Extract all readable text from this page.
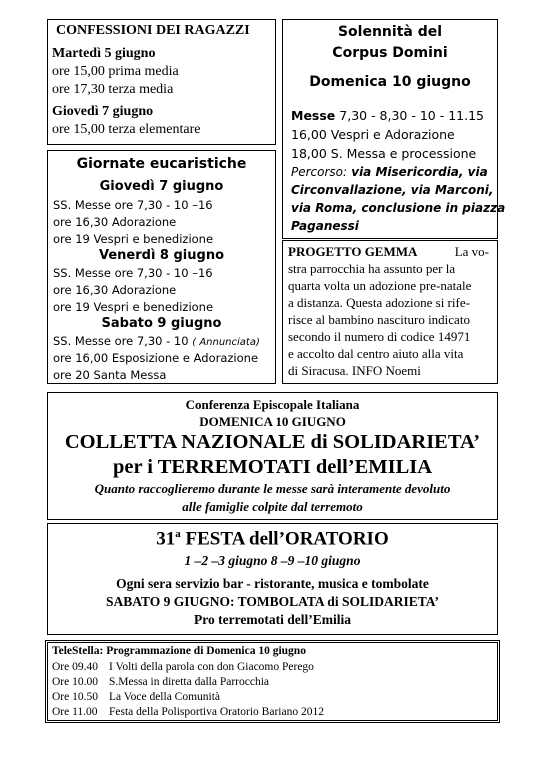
CONFESSIONI DEI RAGAZZI
Martedì 5 giugno
ore 15,00 prima media
ore 17,30 terza media
Giovedì 7 giugno
ore 15,00 terza elementare
Solennità del
Corpus Domini
Domenica 10 giugno
Messe 7,30 - 8,30 - 10 - 11.15
16,00 Vespri e Adorazione
18,00 S. Messa e processione
Percorso: via Misericordia, via
Circonvallazione, via Marconi,
via Roma, conclusione in piazza
Paganessi
Giornate eucaristiche
Giovedì 7 giugno
SS. Messe ore 7,30 - 10 –16
ore 16,30 Adorazione
ore 19 Vespri e benedizione
Venerdì 8 giugno
SS. Messe ore 7,30 - 10 –16
ore 16,30 Adorazione
ore 19 Vespri e benedizione
Sabato 9 giugno
SS. Messe ore 7,30 - 10 ( Annunciata)
ore 16,00 Esposizione e Adorazione
ore 20 Santa Messa
PROGETTO GEMMA	La vo-
stra parrocchia ha assunto per la
quarta volta un adozione pre-natale
a distanza. Questa adozione si rife-
risce al bambino nascituro indicato
secondo il numero di codice 14971
e accolto dal centro aiuto alla vita
di Siracusa. INFO Noemi
Conferenza Episcopale Italiana
DOMENICA 10 GIUGNO
COLLETTA NAZIONALE di SOLIDARIETA’
per i TERREMOTATI dell’EMILIA
Quanto raccoglieremo durante le messe sarà interamente devoluto
alle famiglie colpite dal terremoto
31$^a$ FESTA dell’ORATORIO
1 –2 –3 giugno 8 –9 –10 giugno
Ogni sera servizio bar - ristorante, musica e tombolate
SABATO 9 GIUGNO: TOMBOLATA di SOLIDARIETA’
Pro terremotati dell’Emilia
TeleStella: Programmazione di Domenica 10 giugno
Ore 09.40 I Volti della parola con don Giacomo Perego
Ore 10.00 S.Messa in diretta dalla Parrocchia
Ore 10.50 La Voce della Comunità
Ore 11.00 Festa della Polisportiva Oratorio Bariano 2012
